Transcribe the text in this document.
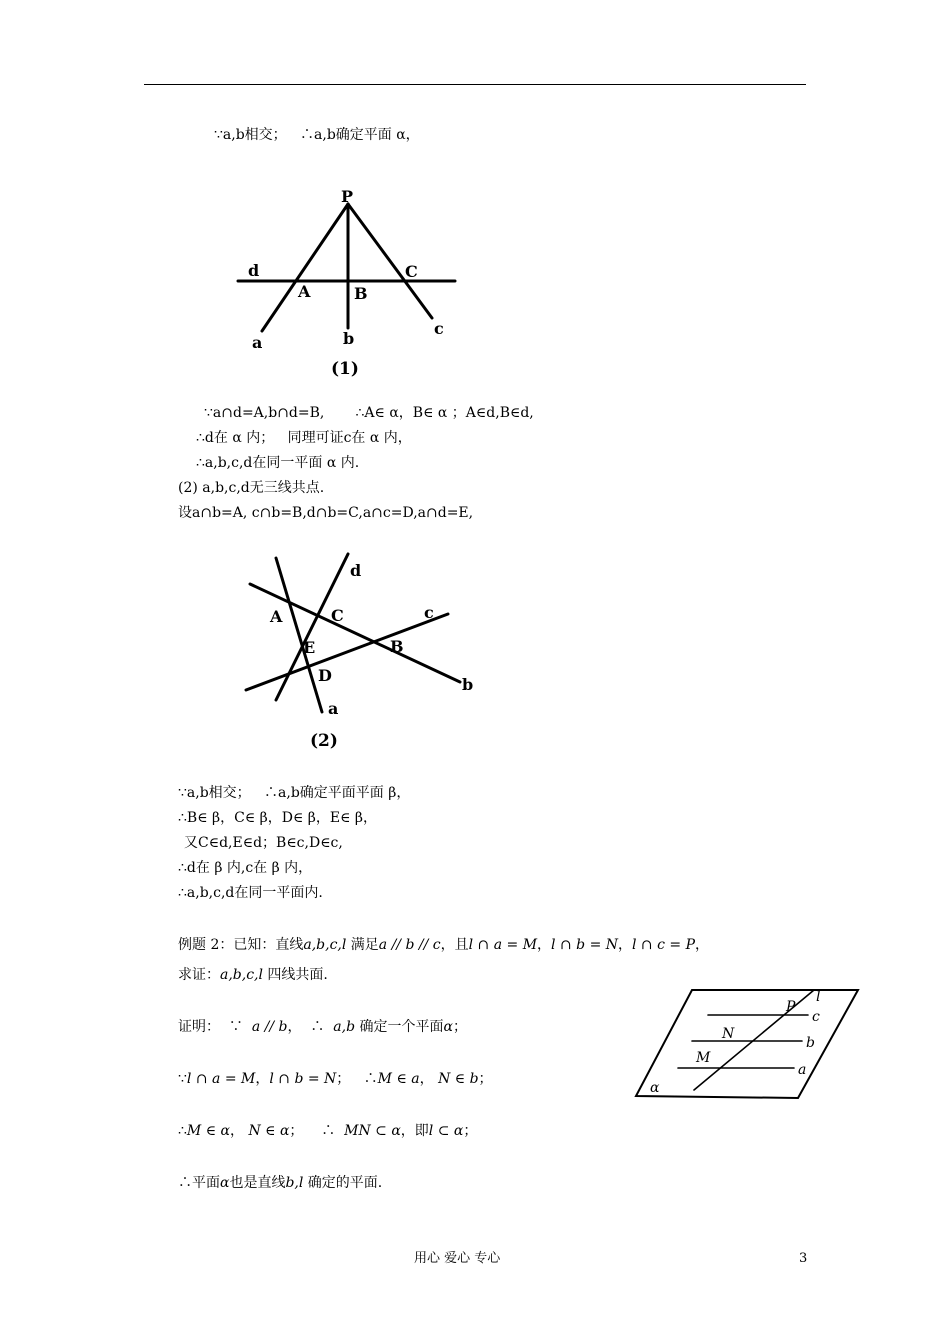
∵a,b相交；   ∴a,b确定平面 α，
P
d	C
A	B
a	b
c
(1)
∵a∩d=A,b∩d=B,       ∴A∈ α，B∈ α ；A∈d,B∈d,
∴d在 α 内；   同理可证c在 α 内，
∴a,b,c,d在同一平面 α 内.
(2) a,b,c,d无三线共点.
设a∩b=A, c∩b=B,d∩b=C,a∩c=D,a∩d=E,
d
A	C	c
E	B
D	b
a
(2)
∵a,b相交；   ∴a,b确定平面平面 β，
∴B∈ β，C∈ β，D∈ β，E∈ β，
又C∈d,E∈d；B∈c,D∈c,
∴d在 β 内,c在 β 内，
∴a,b,c,d在同一平面内.
例题 2：已知：直线a,b,c,l 满足a // b // c，且l ∩ a = M，l ∩ b = N，l ∩ c = P，
求证：a,b,c,l 四线共面.
证明：  ∵  a // b，  ∴  a,b 确定一个平面α；
∵l ∩ a = M，l ∩ b = N；   ∴M ∈ a， N ∈ b；
∴M ∈ α， N ∈ α；    ∴  MN ⊂ α，即l ⊂ α；
∴平面α也是直线b,l 确定的平面.
P
l
c
N
b
M
a
α
用心 爱心 专心	3
